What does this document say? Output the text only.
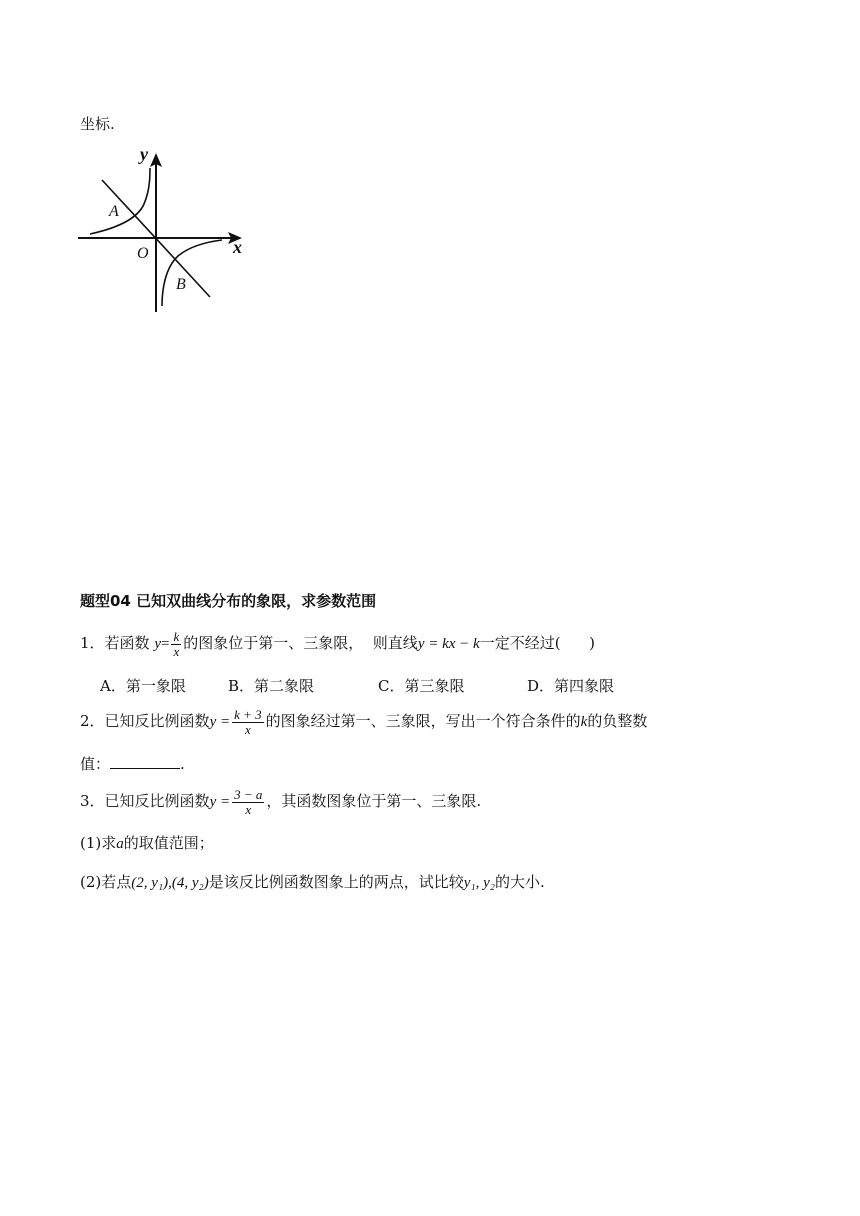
坐标.
y
x
O
A
B
题型04 已知双曲线分布的象限，求参数范围
1．若函数 $y= \frac{k}{x}$ 的图象位于第一、三象限，  则直线y = kx − k一定不经过(      )
A．第一象限	B．第二象限	C．第三象限	D．第四象限
2．已知反比例函数$y = \frac{k + 3}{x}$ 的图象经过第一、三象限，写出一个符合条件的k的负整数
值：	.
3．已知反比例函数$y = \frac{3 - a}{x}$ ，其函数图象位于第一、三象限.
(1)求a的取值范围；
(2)若点(2, y₁),(4, y₂)是该反比例函数图象上的两点，试比较y₁, y₂的大小.
